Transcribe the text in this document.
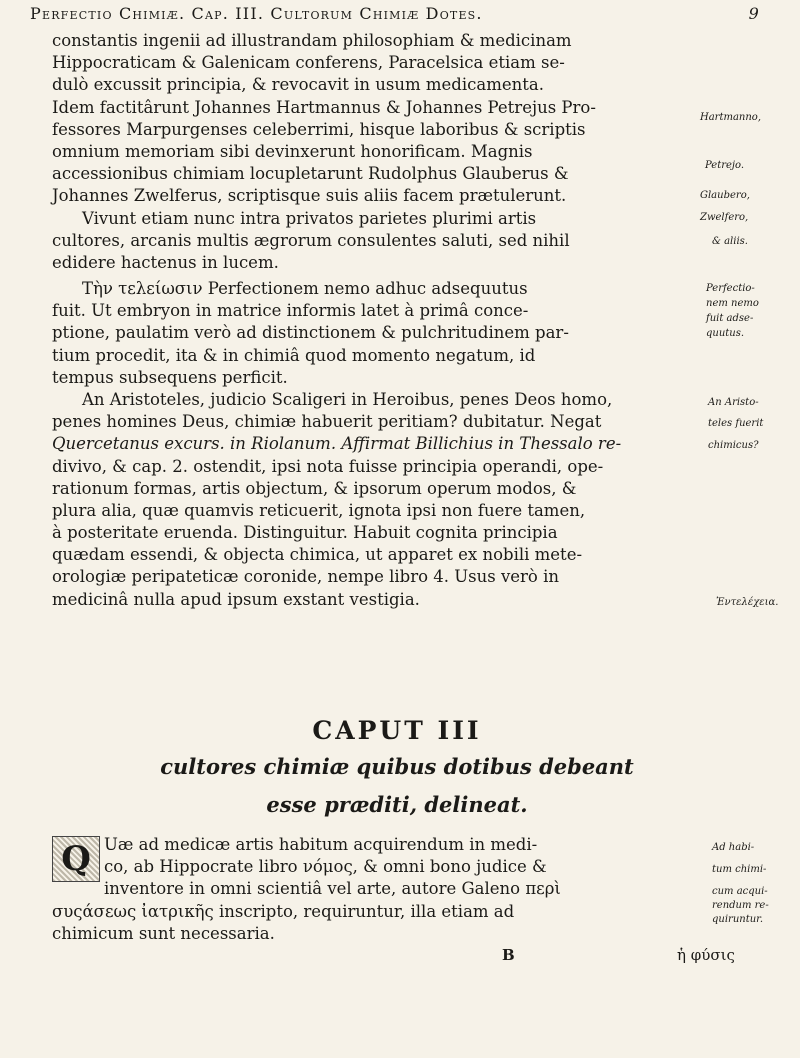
Perfectio Chimiæ. Cap. III. Cultorum Chimiæ Dotes.	9
constantis ingenii ad illustrandam philosophiam & medicinam
Hippocraticam & Galenicam conferens, Paracelsica etiam se-
dulò excussit principia, & revocavit in usum medicamenta.
Idem factitârunt Johannes Hartmannus & Johannes Petrejus Pro-
fessores Marpurgenses celeberrimi, hisque laboribus & scriptis
omnium memoriam sibi devinxerunt honorificam. Magnis
accessionibus chimiam locupletarunt Rudolphus Glauberus &
Johannes Zwelferus, scriptisque suis aliis facem prætulerunt.
Vivunt etiam nunc intra privatos parietes plurimi artis
cultores, arcanis multis ægrorum consulentes saluti, sed nihil
edidere hactenus in lucem.
Τὴν τελείωσιν Perfectionem nemo adhuc adsequutus
fuit. Ut embryon in matrice informis latet à primâ conce-
ptione, paulatim verò ad distinctionem & pulchritudinem par-
tium procedit, ita & in chimiâ quod momento negatum, id
tempus subsequens perficit.
An Aristoteles, judicio Scaligeri in Heroibus, penes Deos homo,
penes homines Deus, chimiæ habuerit peritiam? dubitatur. Negat
Quercetanus excurs. in Riolanum. Affirmat Billichius in Thessalo re-
divivo, & cap. 2. ostendit, ipsi nota fuisse principia operandi, ope-
rationum formas, artis objectum, & ipsorum operum modos, &
plura alia, quæ quamvis reticuerit, ignota ipsi non fuere tamen,
à posteritate eruenda. Distinguitur. Habuit cognita principia
quædam essendi, & objecta chimica, ut apparet ex nobili mete-
orologiæ peripateticæ coronide, nempe libro 4. Usus verò in
medicinâ nulla apud ipsum exstant vestigia.
CAPUT III
cultores chimiæ quibus dotibus debeant
esse præditi, delineat.
Q Uæ ad medicæ artis habitum acquirendum in medi-
co, ab Hippocrate libro νόμος, & omni bono judice &
inventore in omni scientiâ vel arte, autore Galeno περὶ
συςάσεως ἰατρικῆς inscripto, requiruntur, illa etiam ad
chimicum sunt necessaria.
B	ἡ φύσις
Hartmanno,
Petrejo.
Glaubero,
Zwelfero,
& aliis.
Perfectio-
nem nemo
fuit adse-
quutus.
An Aristo-
teles fuerit
chimicus?
Ἐντελέχεια.
Ad habi-
tum chimi-
cum acqui-
rendum re-
quiruntur.
